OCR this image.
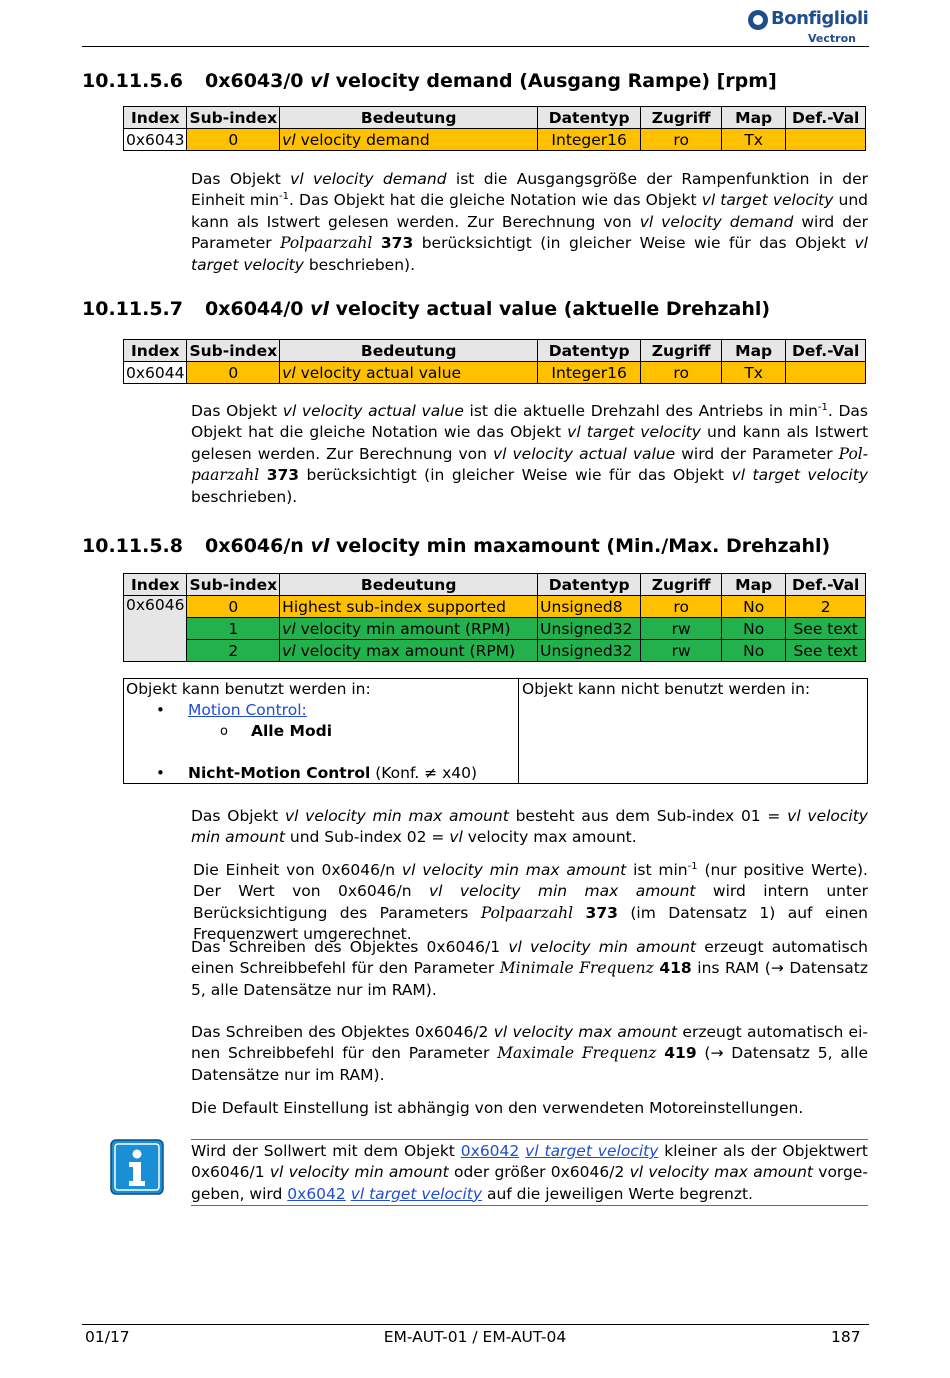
Bonfiglioli
Vectron
10.11.5.6 0x6043/0 vl velocity demand (Ausgang Rampe) [rpm]
Index	Sub-index	Bedeutung	Datentyp	Zugriff	Map	Def.-Val
0x6043	0	vl velocity demand	Integer16	ro	Tx	
Das Objekt vl velocity demand ist die Ausgangsgröße der Rampenfunktion in der Einheit $\min^{-1}$. Das Objekt hat die gleiche Notation wie das Objekt vl target velocity und kann als Istwert gelesen werden. Zur Berechnung von vl velocity demand wird der Parameter Polpaarzahl 373 berücksichtigt (in gleicher Weise wie für das Objekt vl target velocity beschrieben).
10.11.5.7 0x6044/0 vl velocity actual value (aktuelle Drehzahl)
Index	Sub-index	Bedeutung	Datentyp	Zugriff	Map	Def.-Val
0x6044	0	vl velocity actual value	Integer16	ro	Tx	
Das Objekt vl velocity actual value ist die aktuelle Drehzahl des Antriebs in $\min^{-1}$. Das Objekt hat die gleiche Notation wie das Objekt vl target velocity und kann als Istwert gelesen werden. Zur Berechnung von vl velocity actual value wird der Parameter Pol-paarzahl 373 berücksichtigt (in gleicher Weise wie für das Objekt vl target velocity beschrieben).
10.11.5.8 0x6046/n vl velocity min maxamount (Min./Max. Drehzahl)
Index	Sub-index	Bedeutung	Datentyp	Zugriff	Map	Def.-Val
0x6046	0	Highest sub-index supported	Unsigned8	ro	No	2
	1	vl velocity min amount (RPM)	Unsigned32	rw	No	See text
	2	vl velocity max amount (RPM)	Unsigned32	rw	No	See text
Objekt kann benutzt werden in:	Objekt kann nicht benutzt werden in:
• Motion Control:
o Alle Modi
• Nicht-Motion Control (Konf. ≠ x40)
Das Objekt vl velocity min max amount besteht aus dem Sub-index 01 = vl velocity min amount und Sub-index 02 = vl velocity max amount.
Die Einheit von 0x6046/n vl velocity min max amount ist $\min^{-1} (nur$ positive Werte). Der Wert von 0x6046/n vl velocity min max amount wird intern unter Berücksichtigung des Parameters Polpaarzahl 373 (im Datensatz 1) auf einen Frequenzwert umgerechnet.
Das Schreiben des Objektes 0x6046/1 vl velocity min amount erzeugt automatisch einen Schreibbefehl für den Parameter Minimale Frequenz 418 ins RAM (→ Datensatz 5, alle Datensätze nur im RAM).
Das Schreiben des Objektes 0x6046/2 vl velocity max amount erzeugt automatisch ei-nen Schreibbefehl für den Parameter Maximale Frequenz 419 (→ Datensatz 5, alle Datensätze nur im RAM).
Die Default Einstellung ist abhängig von den verwendeten Motoreinstellungen.
Wird der Sollwert mit dem Objekt 0x6042 vl target velocity kleiner als der Objektwert 0x6046/1 vl velocity min amount oder größer 0x6046/2 vl velocity max amount vorge-geben, wird 0x6042 vl target velocity auf die jeweiligen Werte begrenzt.
01/17	EM-AUT-01 / EM-AUT-04	187
